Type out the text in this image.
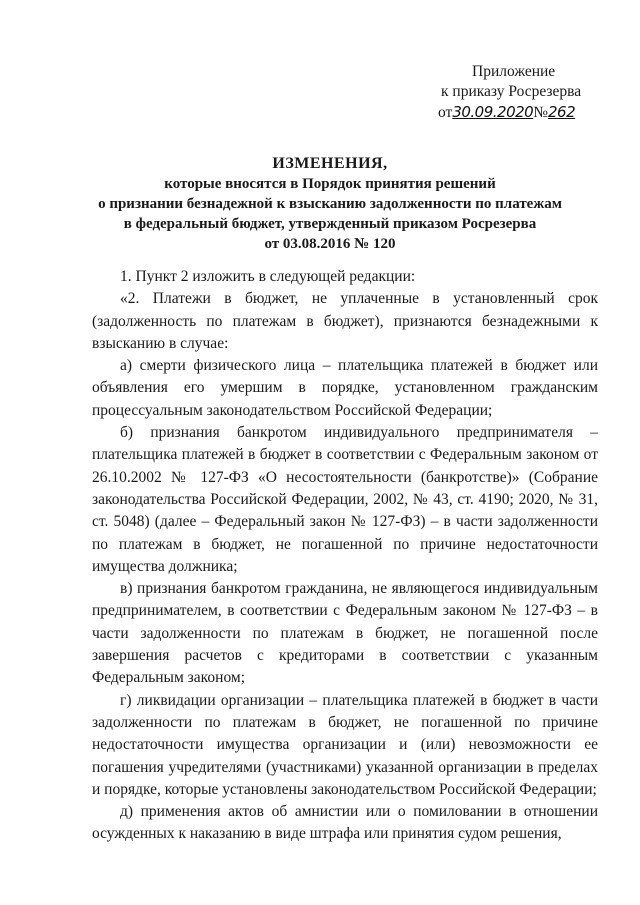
Приложение
к приказу Росрезерва
от30.09.2020№262
ИЗМЕНЕНИЯ,
которые вносятся в Порядок принятия решений
о признании безнадежной к взысканию задолженности по платежам
в федеральный бюджет, утвержденный приказом Росрезерва
от 03.08.2016 № 120

1. Пункт 2 изложить в следующей редакции:

«2. Платежи в бюджет, не уплаченные в установленный срок (задолженность по платежам в бюджет), признаются безнадежными к взысканию в случае:

а) смерти физического лица – плательщика платежей в бюджет или объявления его умершим в порядке, установленном гражданским процессуальным законодательством Российской Федерации;

б) признания банкротом индивидуального предпринимателя – плательщика платежей в бюджет в соответствии с Федеральным законом от 26.10.2002 № 127-ФЗ «О несостоятельности (банкротстве)» (Собрание законодательства Российской Федерации, 2002, № 43, ст. 4190; 2020, № 31, ст. 5048) (далее – Федеральный закон № 127-ФЗ) – в части задолженности по платежам в бюджет, не погашенной по причине недостаточности имущества должника;

в) признания банкротом гражданина, не являющегося индивидуальным предпринимателем, в соответствии с Федеральным законом № 127-ФЗ – в части задолженности по платежам в бюджет, не погашенной после завершения расчетов с кредиторами в соответствии с указанным Федеральным законом;

г) ликвидации организации – плательщика платежей в бюджет в части задолженности по платежам в бюджет, не погашенной по причине недостаточности имущества организации и (или) невозможности ее погашения учредителями (участниками) указанной организации в пределах и порядке, которые установлены законодательством Российской Федерации;

д) применения актов об амнистии или о помиловании в отношении осужденных к наказанию в виде штрафа или принятия судом решения,
